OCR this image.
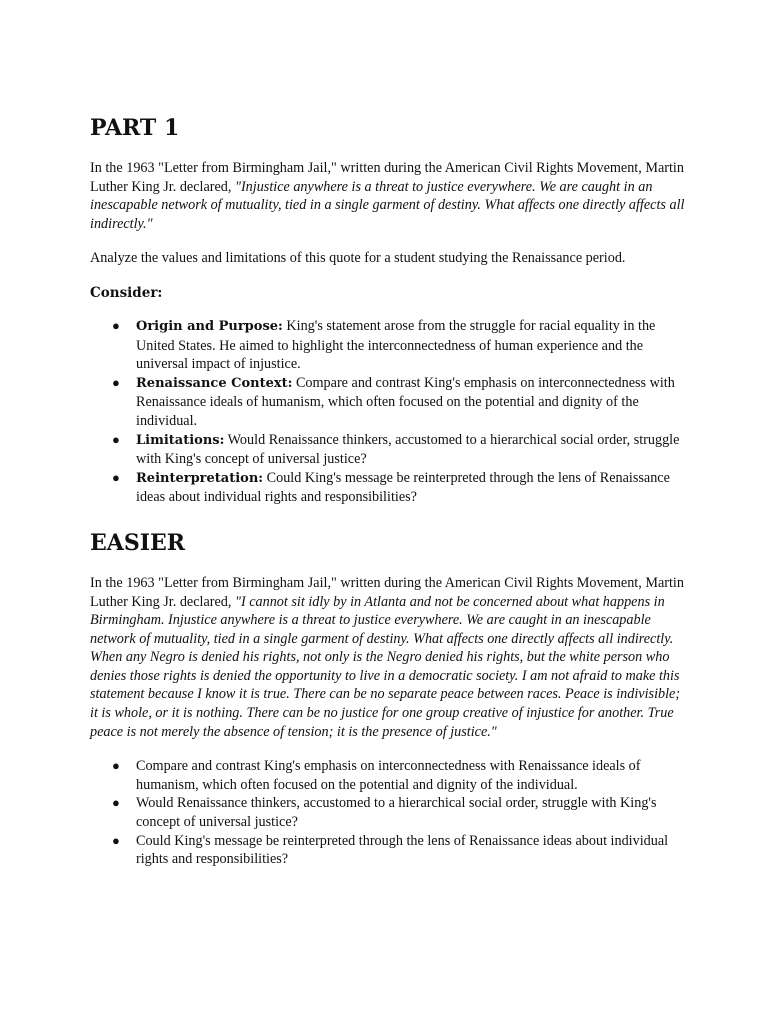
PART 1

In the 1963 "Letter from Birmingham Jail," written during the American Civil Rights Movement, Martin Luther King Jr. declared, "Injustice anywhere is a threat to justice everywhere. We are caught in an inescapable network of mutuality, tied in a single garment of destiny. What affects one directly affects all indirectly."

Analyze the values and limitations of this quote for a student studying the Renaissance period.

Consider:

● Origin and Purpose: King's statement arose from the struggle for racial equality in the United States. He aimed to highlight the interconnectedness of human experience and the universal impact of injustice.
● Renaissance Context: Compare and contrast King's emphasis on interconnectedness with Renaissance ideals of humanism, which often focused on the potential and dignity of the individual.
● Limitations: Would Renaissance thinkers, accustomed to a hierarchical social order, struggle with King's concept of universal justice?
● Reinterpretation: Could King's message be reinterpreted through the lens of Renaissance ideas about individual rights and responsibilities?
EASIER

In the 1963 "Letter from Birmingham Jail," written during the American Civil Rights Movement, Martin Luther King Jr. declared, "I cannot sit idly by in Atlanta and not be concerned about what happens in Birmingham. Injustice anywhere is a threat to justice everywhere. We are caught in an inescapable network of mutuality, tied in a single garment of destiny. What affects one directly affects all indirectly. When any Negro is denied his rights, not only is the Negro denied his rights, but the white person who denies those rights is denied the opportunity to live in a democratic society. I am not afraid to make this statement because I know it is true. There can be no separate peace between races. Peace is indivisible; it is whole, or it is nothing. There can be no justice for one group creative of injustice for another. True peace is not merely the absence of tension; it is the presence of justice."

● Compare and contrast King's emphasis on interconnectedness with Renaissance ideals of humanism, which often focused on the potential and dignity of the individual.
● Would Renaissance thinkers, accustomed to a hierarchical social order, struggle with King's concept of universal justice?
● Could King's message be reinterpreted through the lens of Renaissance ideas about individual rights and responsibilities?
